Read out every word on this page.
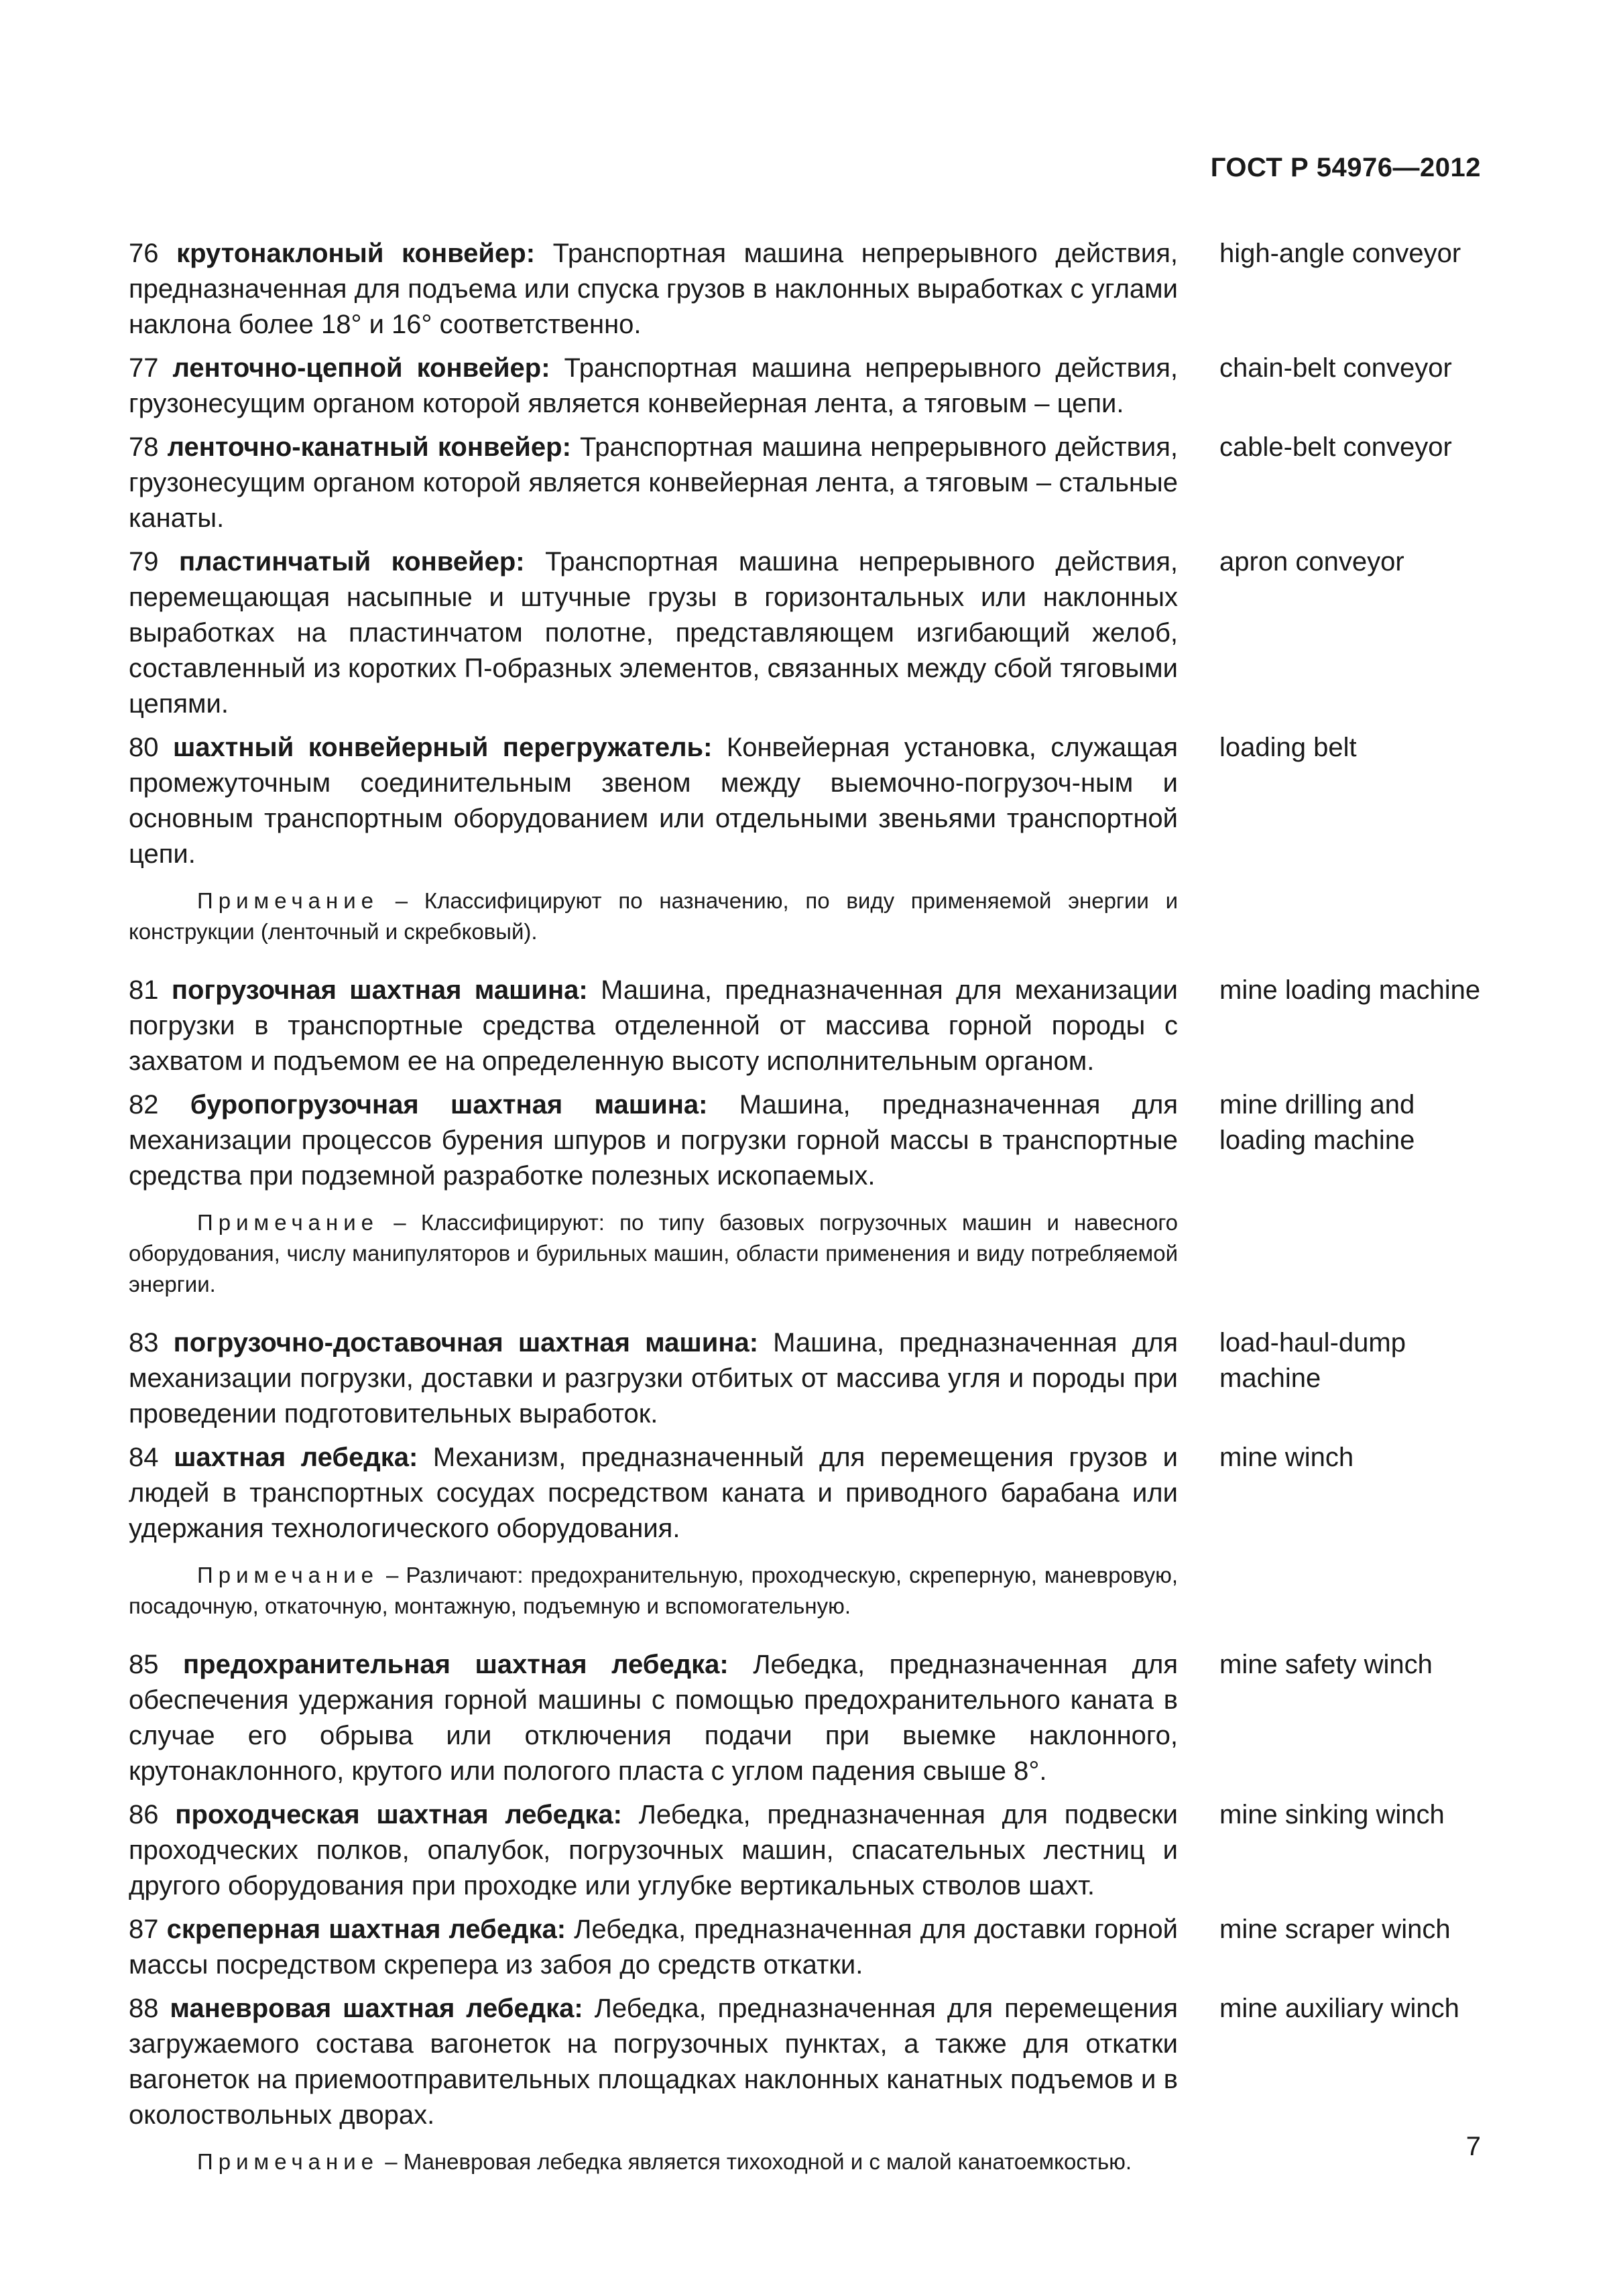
ГОСТ Р 54976—2012
76 крутонаклоный конвейер: Транспортная машина непрерывного действия, предназначенная для подъема или спуска грузов в наклонных выработках с углами наклона более 18° и 16° соответственно.
high-angle conveyor
77 ленточно-цепной конвейер: Транспортная машина непрерывного действия, грузонесущим органом которой является конвейерная лента, а тяговым – цепи.
chain-belt conveyor
78 ленточно-канатный конвейер: Транспортная машина непрерывного действия, грузонесущим органом которой является конвейерная лента, а тяговым – стальные канаты.
cable-belt conveyor
79 пластинчатый конвейер: Транспортная машина непрерывного действия, перемещающая насыпные и штучные грузы в горизонтальных или наклонных выработках на пластинчатом полотне, представляющем изгибающий желоб, составленный из коротких П-образных элементов, связанных между сбой тяговыми цепями.
apron conveyor
80 шахтный конвейерный перегружатель: Конвейерная установка, служащая промежуточным соединительным звеном между выемочно-погрузоч-ным и основным транспортным оборудованием или отдельными звеньями транспортной цепи.
loading belt
Примечание – Классифицируют по назначению, по виду применяемой энергии и конструкции (ленточный и скребковый).
81 погрузочная шахтная машина: Машина, предназначенная для механизации погрузки в транспортные средства отделенной от массива горной породы с захватом и подъемом ее на определенную высоту исполнительным органом.
mine loading machine
82 буропогрузочная шахтная машина: Машина, предназначенная для механизации процессов бурения шпуров и погрузки горной массы в транспортные средства при подземной разработке полезных ископаемых.
mine drilling and loading machine
Примечание – Классифицируют: по типу базовых погрузочных машин и навесного оборудования, числу манипуляторов и бурильных машин, области применения и виду потребляемой энергии.
83 погрузочно-доставочная шахтная машина: Машина, предназначенная для механизации погрузки, доставки и разгрузки отбитых от массива угля и породы при проведении подготовительных выработок.
load-haul-dump machine
84 шахтная лебедка: Механизм, предназначенный для перемещения грузов и людей в транспортных сосудах посредством каната и приводного барабана или удержания технологического оборудования.
mine winch
Примечание – Различают: предохранительную, проходческую, скреперную, маневровую, посадочную, откаточную, монтажную, подъемную и вспомогательную.
85 предохранительная шахтная лебедка: Лебедка, предназначенная для обеспечения удержания горной машины с помощью предохранительного каната в случае его обрыва или отключения подачи при выемке наклонного, крутонаклонного, крутого или пологого пласта с углом падения свыше 8°.
mine safety winch
86 проходческая шахтная лебедка: Лебедка, предназначенная для подвески проходческих полков, опалубок, погрузочных машин, спасательных лестниц и другого оборудования при проходке или углубке вертикальных стволов шахт.
mine sinking winch
87 скреперная шахтная лебедка: Лебедка, предназначенная для доставки горной массы посредством скрепера из забоя до средств откатки.
mine scraper winch
88 маневровая шахтная лебедка: Лебедка, предназначенная для перемещения загружаемого состава вагонеток на погрузочных пунктах, а также для откатки вагонеток на приемоотправительных площадках наклонных канатных подъемов и в околоствольных дворах.
mine auxiliary winch
Примечание – Маневровая лебедка является тихоходной и с малой канатоемкостью.
7
